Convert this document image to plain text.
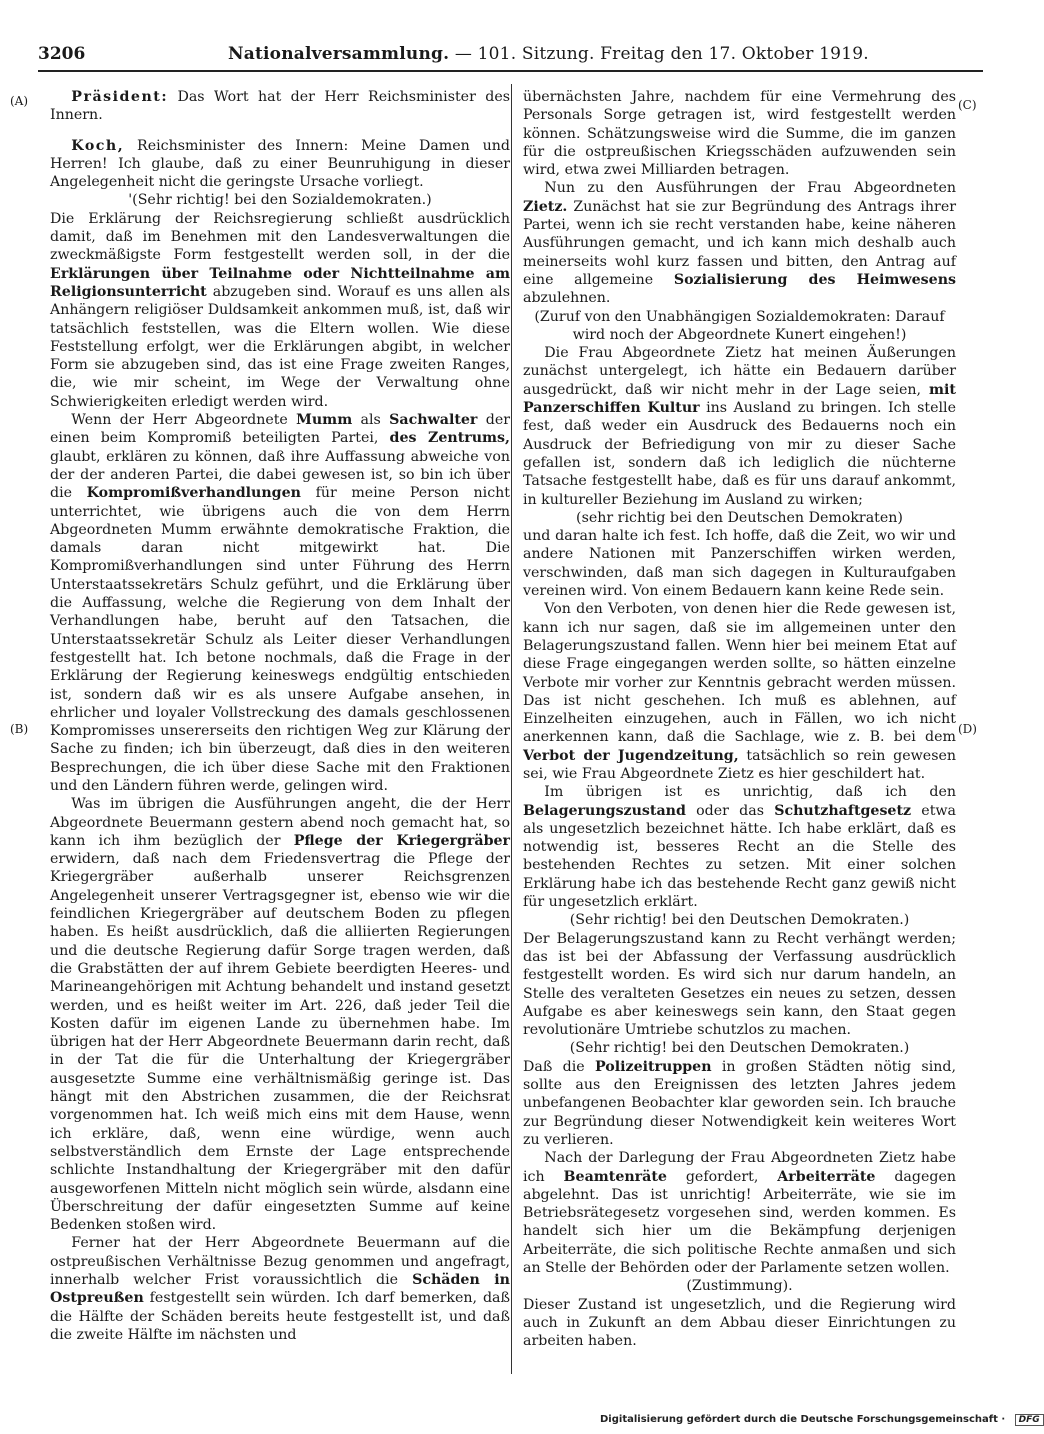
3206	Nationalversammlung. — 101. Sitzung. Freitag den 17. Oktober 1919.
(A)
(B)
(C)
(D)

Präsident: Das Wort hat der Herr Reichsminister des Innern.

Koch, Reichsminister des Innern: Meine Damen und Herren! Ich glaube, daß zu einer Beunruhigung in dieser Angelegenheit nicht die geringste Ursache vorliegt.

'(Sehr richtig! bei den Sozialdemokraten.)

Die Erklärung der Reichsregierung schließt ausdrücklich damit, daß im Benehmen mit den Landesverwaltungen die zweckmäßigste Form festgestellt werden soll, in der die Erklärungen über Teilnahme oder Nichtteilnahme am Religionsunterricht abzugeben sind. Worauf es uns allen als Anhängern religiöser Duldsamkeit ankommen muß, ist, daß wir tatsächlich feststellen, was die Eltern wollen. Wie diese Feststellung erfolgt, wer die Erklärungen abgibt, in welcher Form sie abzugeben sind, das ist eine Frage zweiten Ranges, die, wie mir scheint, im Wege der Verwaltung ohne Schwierigkeiten erledigt werden wird.

Wenn der Herr Abgeordnete Mumm als Sachwalter der einen beim Kompromiß beteiligten Partei, des Zentrums, glaubt, erklären zu können, daß ihre Auffassung abweiche von der der anderen Partei, die dabei gewesen ist, so bin ich über die Kompromißverhandlungen für meine Person nicht unterrichtet, wie übrigens auch die von dem Herrn Abgeordneten Mumm erwähnte demokratische Fraktion, die damals daran nicht mitgewirkt hat. Die Kompromißverhandlungen sind unter Führung des Herrn Unterstaatssekretärs Schulz geführt, und die Erklärung über die Auffassung, welche die Regierung von dem Inhalt der Verhandlungen habe, beruht auf den Tatsachen, die Unterstaatssekretär Schulz als Leiter dieser Verhandlungen festgestellt hat. Ich betone nochmals, daß die Frage in der Erklärung der Regierung keineswegs endgültig entschieden ist, sondern daß wir es als unsere Aufgabe ansehen, in ehrlicher und loyaler Vollstreckung des damals geschlossenen Kompromisses unsererseits den richtigen Weg zur Klärung der Sache zu finden; ich bin überzeugt, daß dies in den weiteren Besprechungen, die ich über diese Sache mit den Fraktionen und den Ländern führen werde, gelingen wird.

Was im übrigen die Ausführungen angeht, die der Herr Abgeordnete Beuermann gestern abend noch gemacht hat, so kann ich ihm bezüglich der Pflege der Kriegergräber erwidern, daß nach dem Friedensvertrag die Pflege der Kriegergräber außerhalb unserer Reichsgrenzen Angelegenheit unserer Vertragsgegner ist, ebenso wie wir die feindlichen Kriegergräber auf deutschem Boden zu pflegen haben. Es heißt ausdrücklich, daß die alliierten Regierungen und die deutsche Regierung dafür Sorge tragen werden, daß die Grabstätten der auf ihrem Gebiete beerdigten Heeres- und Marineangehörigen mit Achtung behandelt und instand gesetzt werden, und es heißt weiter im Art. 226, daß jeder Teil die Kosten dafür im eigenen Lande zu übernehmen habe. Im übrigen hat der Herr Abgeordnete Beuermann darin recht, daß in der Tat die für die Unterhaltung der Kriegergräber ausgesetzte Summe eine verhältnismäßig geringe ist. Das hängt mit den Abstrichen zusammen, die der Reichsrat vorgenommen hat. Ich weiß mich eins mit dem Hause, wenn ich erkläre, daß, wenn eine würdige, wenn auch selbstverständlich dem Ernste der Lage entsprechende schlichte Instandhaltung der Kriegergräber mit den dafür ausgeworfenen Mitteln nicht möglich sein würde, alsdann eine Überschreitung der dafür eingesetzten Summe auf keine Bedenken stoßen wird.

Ferner hat der Herr Abgeordnete Beuermann auf die ostpreußischen Verhältnisse Bezug genommen und angefragt, innerhalb welcher Frist voraussichtlich die Schäden in Ostpreußen festgestellt sein würden. Ich darf bemerken, daß die Hälfte der Schäden bereits heute festgestellt ist, und daß die zweite Hälfte im nächsten und

übernächsten Jahre, nachdem für eine Vermehrung des Personals Sorge getragen ist, wird festgestellt werden können. Schätzungsweise wird die Summe, die im ganzen für die ostpreußischen Kriegsschäden aufzuwenden sein wird, etwa zwei Milliarden betragen.

Nun zu den Ausführungen der Frau Abgeordneten Zietz. Zunächst hat sie zur Begründung des Antrags ihrer Partei, wenn ich sie recht verstanden habe, keine näheren Ausführungen gemacht, und ich kann mich deshalb auch meinerseits wohl kurz fassen und bitten, den Antrag auf eine allgemeine Sozialisierung des Heimwesens abzulehnen.

(Zuruf von den Unabhängigen Sozialdemokraten: Darauf wird noch der Abgeordnete Kunert eingehen!)

Die Frau Abgeordnete Zietz hat meinen Äußerungen zunächst untergelegt, ich hätte ein Bedauern darüber ausgedrückt, daß wir nicht mehr in der Lage seien, mit Panzerschiffen Kultur ins Ausland zu bringen. Ich stelle fest, daß weder ein Ausdruck des Bedauerns noch ein Ausdruck der Befriedigung von mir zu dieser Sache gefallen ist, sondern daß ich lediglich die nüchterne Tatsache festgestellt habe, daß es für uns darauf ankommt, in kultureller Beziehung im Ausland zu wirken;

(sehr richtig bei den Deutschen Demokraten)

und daran halte ich fest. Ich hoffe, daß die Zeit, wo wir und andere Nationen mit Panzerschiffen wirken werden, verschwinden, daß man sich dagegen in Kulturaufgaben vereinen wird. Von einem Bedauern kann keine Rede sein.

Von den Verboten, von denen hier die Rede gewesen ist, kann ich nur sagen, daß sie im allgemeinen unter den Belagerungszustand fallen. Wenn hier bei meinem Etat auf diese Frage eingegangen werden sollte, so hätten einzelne Verbote mir vorher zur Kenntnis gebracht werden müssen. Das ist nicht geschehen. Ich muß es ablehnen, auf Einzelheiten einzugehen, auch in Fällen, wo ich nicht anerkennen kann, daß die Sachlage, wie z. B. bei dem Verbot der Jugendzeitung, tatsächlich so rein gewesen sei, wie Frau Abgeordnete Zietz es hier geschildert hat.

Im übrigen ist es unrichtig, daß ich den Belagerungszustand oder das Schutzhaftgesetz etwa als ungesetzlich bezeichnet hätte. Ich habe erklärt, daß es notwendig ist, besseres Recht an die Stelle des bestehenden Rechtes zu setzen. Mit einer solchen Erklärung habe ich das bestehende Recht ganz gewiß nicht für ungesetzlich erklärt.

(Sehr richtig! bei den Deutschen Demokraten.)

Der Belagerungszustand kann zu Recht verhängt werden; das ist bei der Abfassung der Verfassung ausdrücklich festgestellt worden. Es wird sich nur darum handeln, an Stelle des veralteten Gesetzes ein neues zu setzen, dessen Aufgabe es aber keineswegs sein kann, den Staat gegen revolutionäre Umtriebe schutzlos zu machen.

(Sehr richtig! bei den Deutschen Demokraten.)

Daß die Polizeitruppen in großen Städten nötig sind, sollte aus den Ereignissen des letzten Jahres jedem unbefangenen Beobachter klar geworden sein. Ich brauche zur Begründung dieser Notwendigkeit kein weiteres Wort zu verlieren.

Nach der Darlegung der Frau Abgeordneten Zietz habe ich Beamtenräte gefordert, Arbeiterräte dagegen abgelehnt. Das ist unrichtig! Arbeiterräte, wie sie im Betriebsrätegesetz vorgesehen sind, werden kommen. Es handelt sich hier um die Bekämpfung derjenigen Arbeiterräte, die sich politische Rechte anmaßen und sich an Stelle der Behörden oder der Parlamente setzen wollen.

(Zustimmung).

Dieser Zustand ist ungesetzlich, und die Regierung wird auch in Zukunft an dem Abbau dieser Einrichtungen zu arbeiten haben.

Digitalisierung gefördert durch die Deutsche Forschungsgemeinschaft · DFG
